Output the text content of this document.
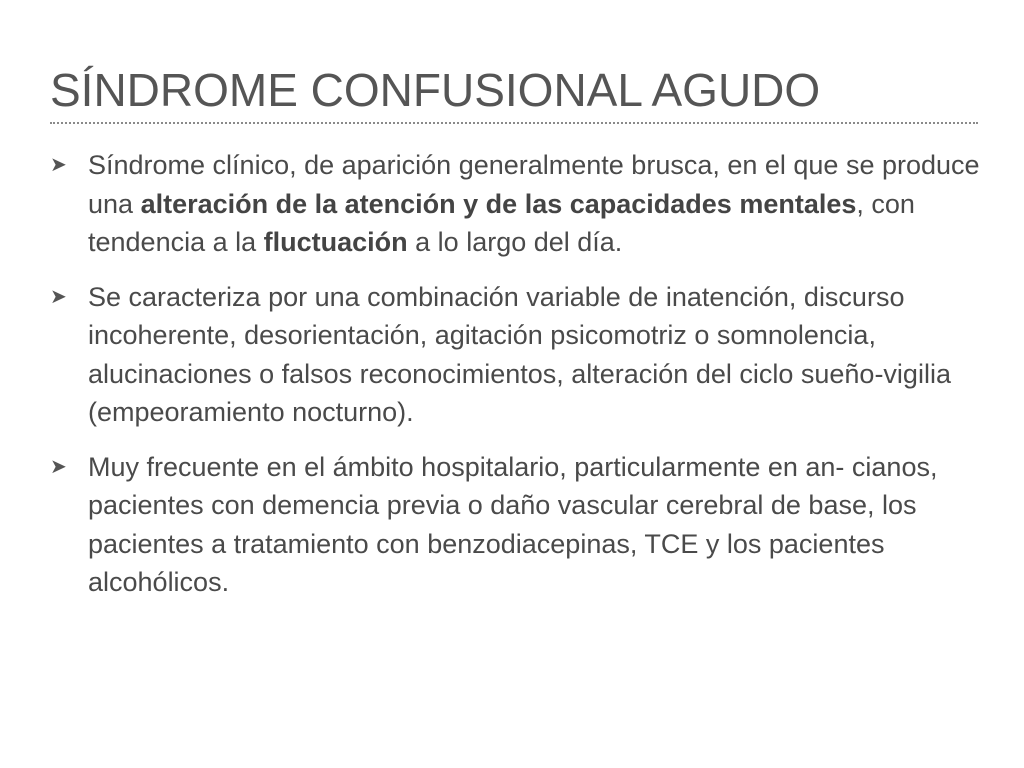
SÍNDROME CONFUSIONAL AGUDO
➤ Síndrome clínico, de aparición generalmente brusca, en el que se produce una alteración de la atención y de las capacidades mentales, con tendencia a la fluctuación a lo largo del día.
➤ Se caracteriza por una combinación variable de inatención, discurso incoherente, desorientación, agitación psicomotriz o somnolencia, alucinaciones o falsos reconocimientos, alteración del ciclo sueño-vigilia (empeoramiento nocturno).
➤ Muy frecuente en el ámbito hospitalario, particularmente en an- cianos, pacientes con demencia previa o daño vascular cerebral de base, los pacientes a tratamiento con benzodiacepinas, TCE y los pacientes alcohólicos.
